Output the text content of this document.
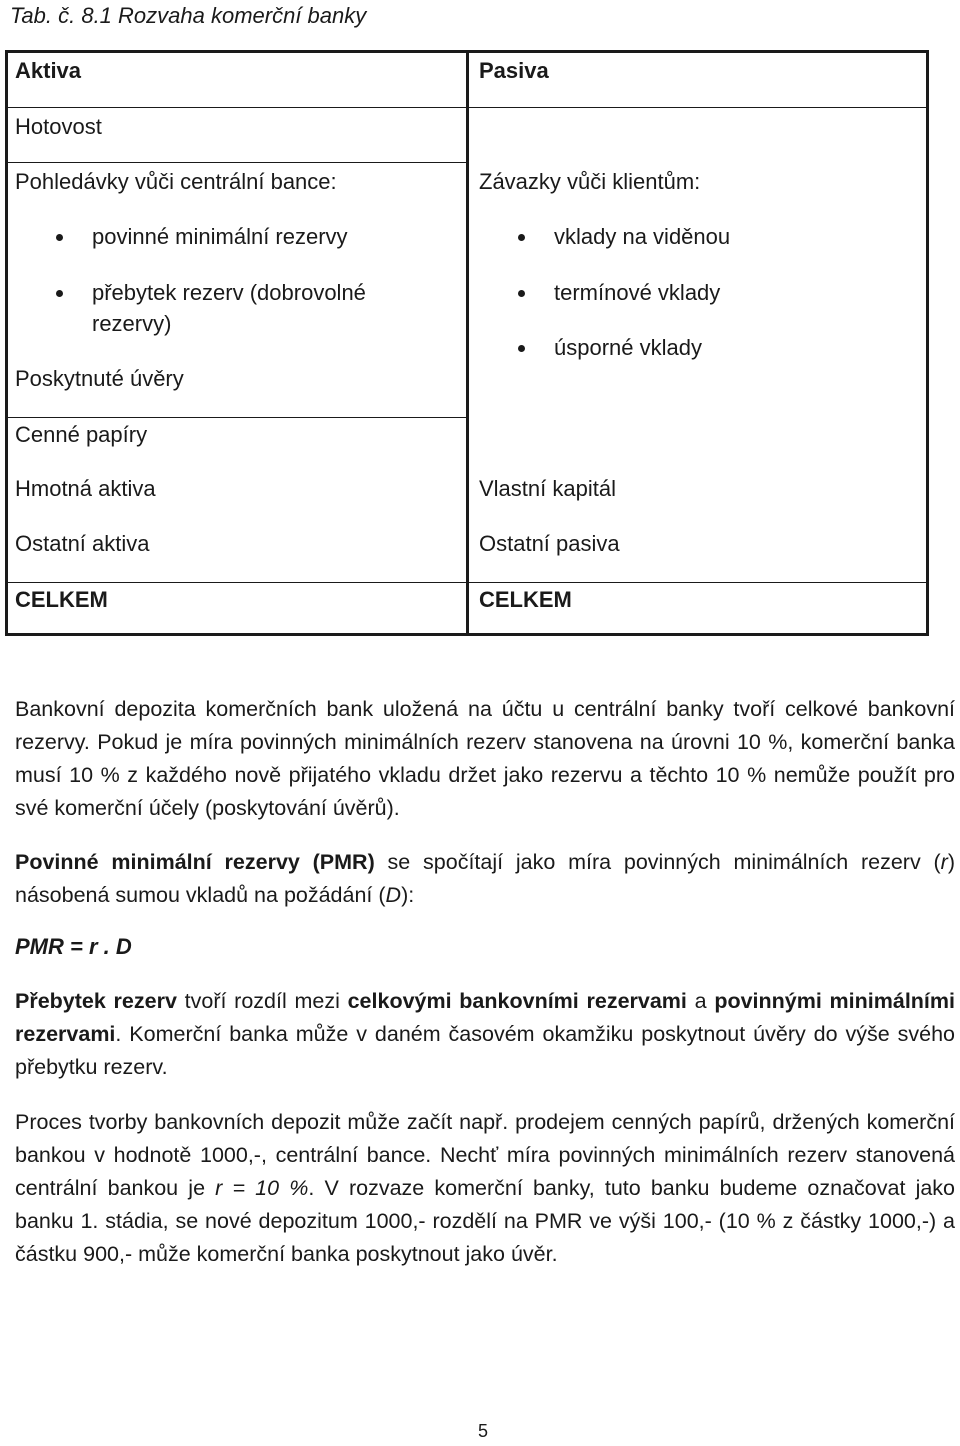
Tab. č. 8.1 Rozvaha komerční banky
Aktiva
Hotovost
Pohledávky vůči centrální bance:
povinné minimální rezervy
přebytek rezerv (dobrovolné
rezervy)
Poskytnuté úvěry
Cenné papíry
Hmotná aktiva
Ostatní aktiva
CELKEM
Pasiva
Závazky vůči klientům:
vklady na viděnou
termínové vklady
úsporné vklady
Vlastní kapitál
Ostatní pasiva
CELKEM

Bankovní depozita komerčních bank uložená na účtu u centrální banky tvoří celkové bankovní rezervy. Pokud je míra povinných minimálních rezerv stanovena na úrovni 10 %, komerční banka musí 10 % z každého nově přijatého vkladu držet jako rezervu a těchto 10 % nemůže použít pro své komerční účely (poskytování úvěrů).

Povinné minimální rezervy (PMR) se spočítají jako míra povinných minimálních rezerv (r) násobená sumou vkladů na požádání (D):

PMR = r . D

Přebytek rezerv tvoří rozdíl mezi celkovými bankovními rezervami a povinnými minimálními rezervami. Komerční banka může v daném časovém okamžiku poskytnout úvěry do výše svého přebytku rezerv.

Proces tvorby bankovních depozit může začít např. prodejem cenných papírů, držených komerční bankou v hodnotě 1000,-, centrální bance. Nechť míra povinných minimálních rezerv stanovená centrální bankou je r = 10 %. V rozvaze komerční banky, tuto banku budeme označovat jako banku 1. stádia, se nové depozitum 1000,- rozdělí na PMR ve výši 100,- (10 % z částky 1000,-) a částku 900,- může komerční banka poskytnout jako úvěr.

5
